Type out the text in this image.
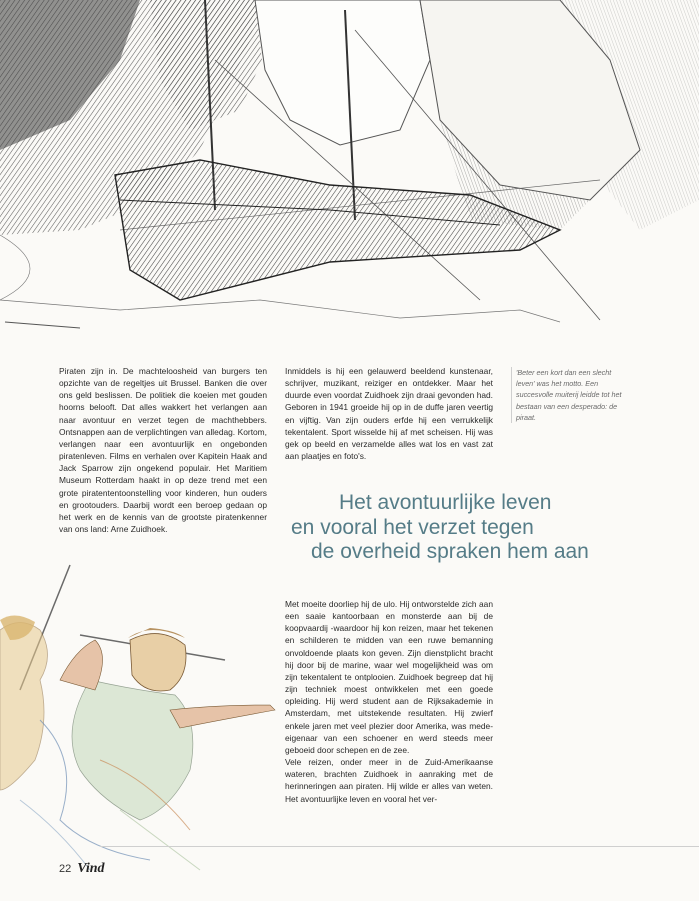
Piraten zijn in. De machteloosheid van burgers ten opzichte van de regeltjes uit Brussel. Banken die over ons geld beslissen. De politiek die koeien met gouden hoorns belooft. Dat alles wakkert het verlangen aan naar avontuur en verzet tegen de machthebbers. Ontsnappen aan de verplichtingen van alledag. Kortom, verlangen naar een avontuurlijk en ongebonden piratenleven. Films en verhalen over Kapitein Haak and Jack Sparrow zijn ongekend populair. Het Maritiem Museum Rotterdam haakt in op deze trend met een grote piratententoonstelling voor kinderen, hun ouders en grootouders. Daarbij wordt een beroep gedaan op het werk en de kennis van de grootste piratenkenner van ons land: Arne Zuidhoek.

Inmiddels is hij een gelauwerd beeldend kunstenaar, schrijver, muzikant, reiziger en ontdekker. Maar het duurde even voordat Zuidhoek zijn draai gevonden had. Geboren in 1941 groeide hij op in de duffe jaren veertig en vijftig. Van zijn ouders erfde hij een verrukkelijk tekentalent. Sport wisselde hij af met scheisen. Hij was gek op beeld en verzamelde alles wat los en vast zat aan plaatjes en foto's.

'Beter een kort dan een slecht leven' was het motto. Een succesvolle muiterij leidde tot het bestaan van een desperado: de piraat.
Het avontuurlijke leven
en vooral het verzet tegen
de overheid spraken hem aan

Met moeite doorliep hij de ulo. Hij ontworstelde zich aan een saaie kantoorbaan en monsterde aan bij de koopvaardij -waardoor hij kon reizen, maar het tekenen en schilderen te midden van een ruwe bemanning onvoldoende plaats kon geven. Zijn dienstplicht bracht hij door bij de marine, waar wel mogelijkheid was om zijn tekentalent te ontplooien. Zuidhoek begreep dat hij zijn techniek moest ontwikkelen met een goede opleiding. Hij werd student aan de Rijksakademie in Amsterdam, met uitstekende resultaten. Hij zwierf enkele jaren met veel plezier door Amerika, was mede-eigenaar van een schoener en werd steeds meer geboeid door schepen en de zee.

Vele reizen, onder meer in de Zuid-Amerikaanse wateren, brachten Zuidhoek in aanraking met de herinneringen aan piraten. Hij wilde er alles van weten. Het avontuurlijke leven en vooral het ver-

22 Vind
